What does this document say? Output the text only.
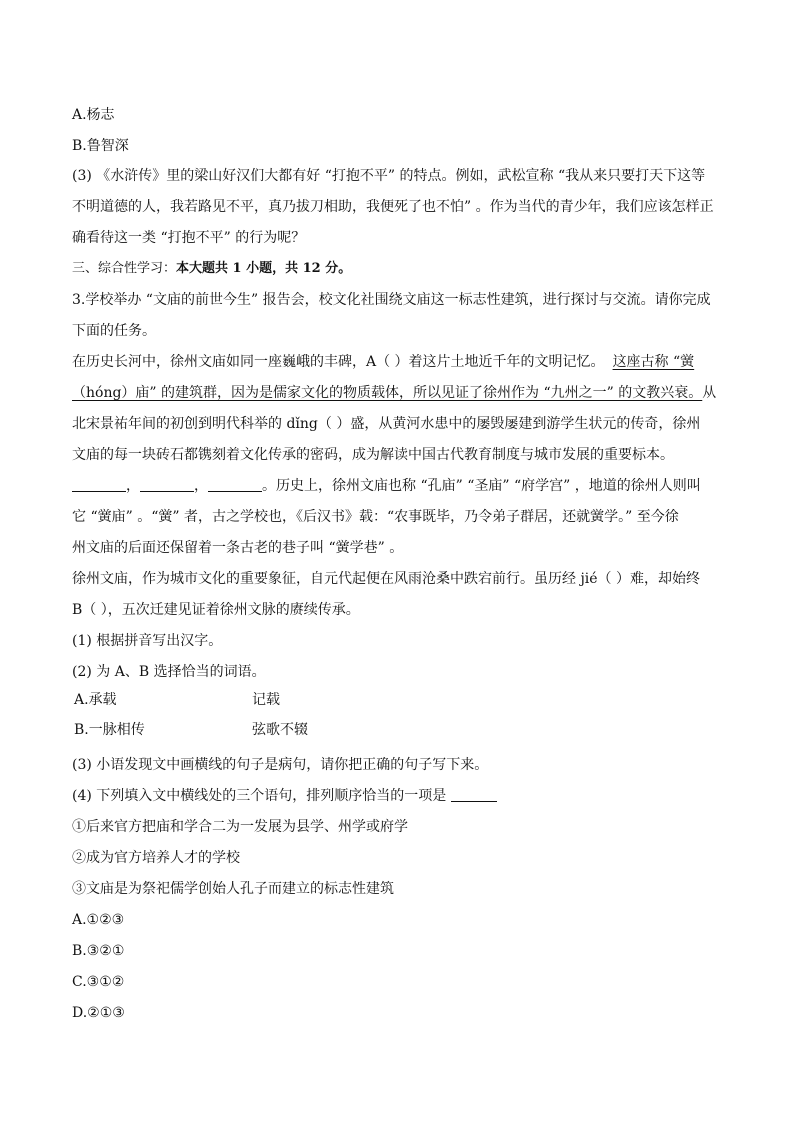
A.杨志
B.鲁智深
(3) 《水浒传》里的梁山好汉们大都有好 “打抱不平” 的特点。例如，武松宣称 “我从来只要打天下这等
不明道德的人，我若路见不平，真乃拔刀相助，我便死了也不怕” 。作为当代的青少年，我们应该怎样正
确看待这一类 “打抱不平” 的行为呢？
三、综合性学习：本大题共 1 小题，共 12 分。
3.学校举办 “文庙的前世今生” 报告会，校文化社围绕文庙这一标志性建筑，进行探讨与交流。请你完成
下面的任务。
在历史长河中，徐州文庙如同一座巍峨的丰碑，A（ ）着这片土地近千年的文明记忆。 这座古称 “黉
（hóng）庙” 的建筑群，因为是儒家文化的物质载体，所以见证了徐州作为 “九州之一” 的文教兴衰。从
北宋景祐年间的初创到明代科举的 dǐng（ ）盛，从黄河水患中的屡毁屡建到游学生状元的传奇，徐州
文庙的每一块砖石都镌刻着文化传承的密码，成为解读中国古代教育制度与城市发展的重要标本。
，	，	。历史上，徐州文庙也称 “孔庙” “圣庙” “府学宫” ，地道的徐州人则叫
它 “黉庙” 。“黉” 者，古之学校也，《后汉书》载：“农事既毕，乃令弟子群居，还就黉学。” 至今徐
州文庙的后面还保留着一条古老的巷子叫 “黉学巷” 。
徐州文庙，作为城市文化的重要象征，自元代起便在风雨沧桑中跌宕前行。虽历经 jié（ ）难，却始终
B（ ），五次迁建见证着徐州文脉的赓续传承。
(1) 根据拼音写出汉字。
(2) 为 A、B 选择恰当的词语。
A.承载	记载
B.一脉相传	弦歌不辍
(3) 小语发现文中画横线的句子是病句，请你把正确的句子写下来。
(4) 下列填入文中横线处的三个语句，排列顺序恰当的一项是
①后来官方把庙和学合二为一发展为县学、州学或府学
②成为官方培养人才的学校
③文庙是为祭祀儒学创始人孔子而建立的标志性建筑
A.①②③
B.③②①
C.③①②
D.②①③
